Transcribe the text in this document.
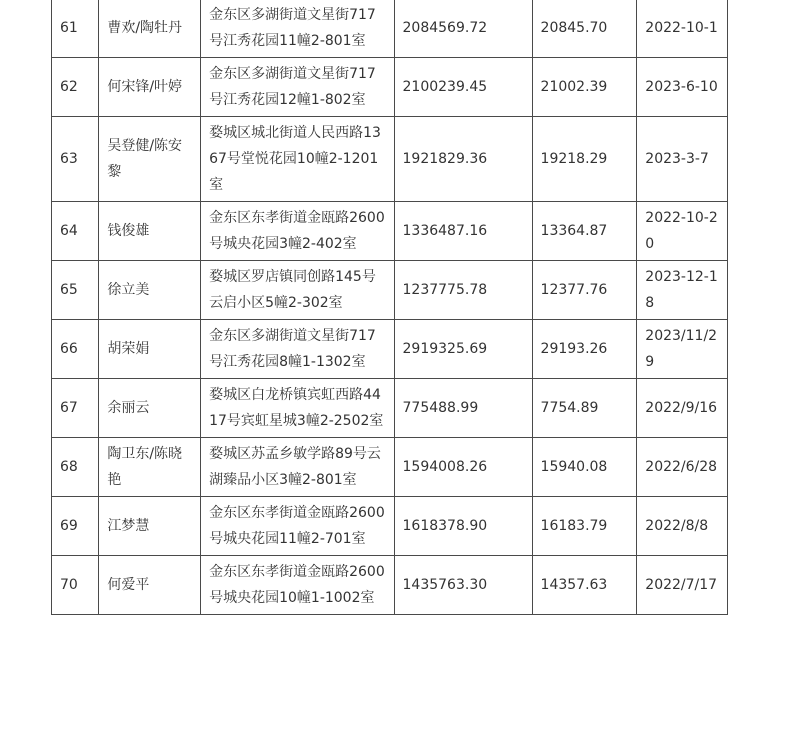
61	曹欢/陶牡丹	金东区多湖街道文星街717号江秀花园11幢2-801室	2084569.72	20845.70	2022-10-1
62	何宋锋/叶婷	金东区多湖街道文星街717号江秀花园12幢1-802室	2100239.45	21002.39	2023-6-10
63	吴登健/陈安黎	婺城区城北街道人民西路1367号堂悦花园10幢2-1201室	1921829.36	19218.29	2023-3-7
64	钱俊雄	金东区东孝街道金瓯路2600号城央花园3幢2-402室	1336487.16	13364.87	2022-10-20
65	徐立美	婺城区罗店镇同创路145号云启小区5幢2-302室	1237775.78	12377.76	2023-12-18
66	胡荣娟	金东区多湖街道文星街717号江秀花园8幢1-1302室	2919325.69	29193.26	2023/11/29
67	余丽云	婺城区白龙桥镇宾虹西路4417号宾虹星城3幢2-2502室	775488.99	7754.89	2022/9/16
68	陶卫东/陈晓艳	婺城区苏孟乡敏学路89号云湖臻品小区3幢2-801室	1594008.26	15940.08	2022/6/28
69	江梦慧	金东区东孝街道金瓯路2600号城央花园11幢2-701室	1618378.90	16183.79	2022/8/8
70	何爱平	金东区东孝街道金瓯路2600号城央花园10幢1-1002室	1435763.30	14357.63	2022/7/17
